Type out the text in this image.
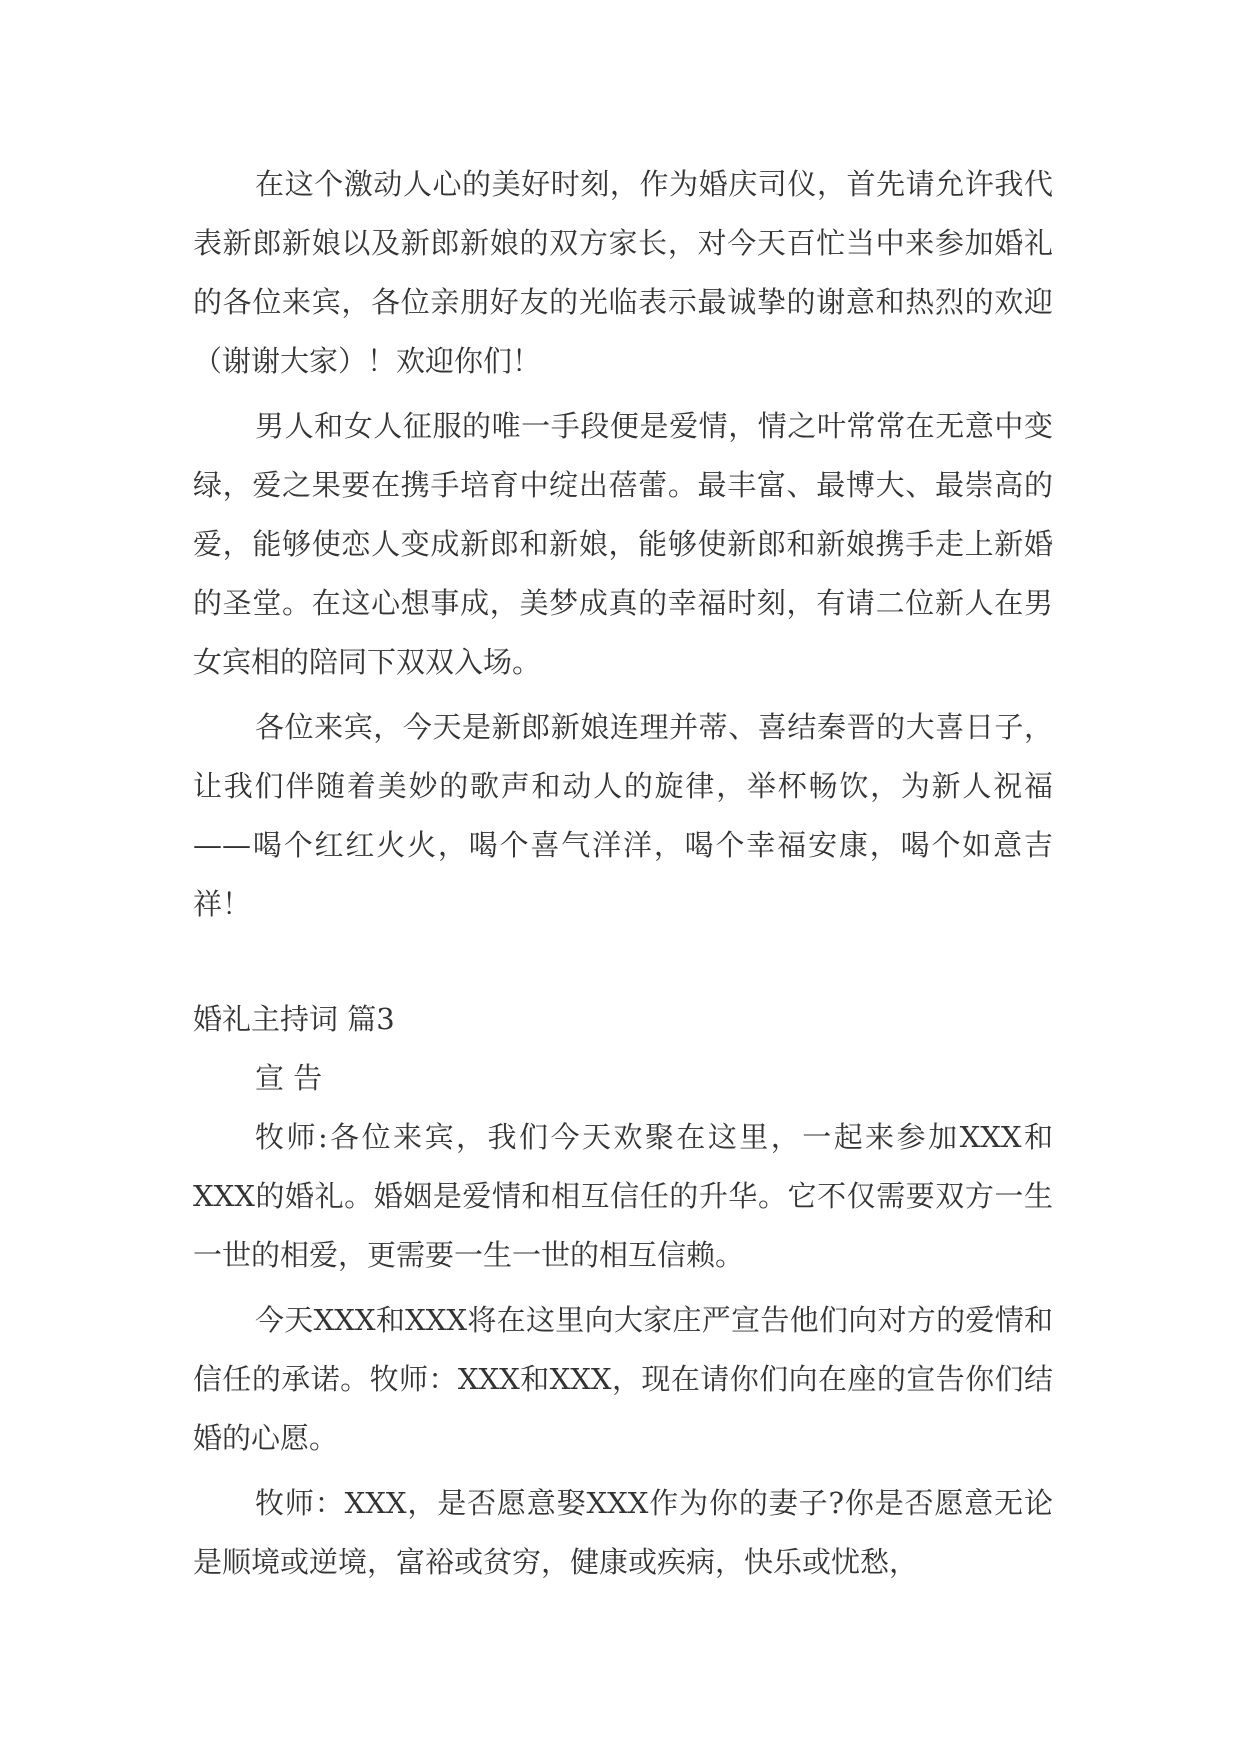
在这个激动人心的美好时刻，作为婚庆司仪，首先请允许我代表新郎新娘以及新郎新娘的双方家长，对今天百忙当中来参加婚礼的各位来宾，各位亲朋好友的光临表示最诚挚的谢意和热烈的欢迎（谢谢大家）！欢迎你们！

男人和女人征服的唯一手段便是爱情，情之叶常常在无意中变绿，爱之果要在携手培育中绽出蓓蕾。最丰富、最博大、最崇高的爱，能够使恋人变成新郎和新娘，能够使新郎和新娘携手走上新婚的圣堂。在这心想事成，美梦成真的幸福时刻，有请二位新人在男女宾相的陪同下双双入场。

各位来宾，今天是新郎新娘连理并蒂、喜结秦晋的大喜日子，让我们伴随着美妙的歌声和动人的旋律，举杯畅饮，为新人祝福——喝个红红火火，喝个喜气洋洋，喝个幸福安康，喝个如意吉祥！

婚礼主持词 篇3

宣 告

牧师:各位来宾，我们今天欢聚在这里，一起来参加XXX和XXX的婚礼。婚姻是爱情和相互信任的升华。它不仅需要双方一生一世的相爱，更需要一生一世的相互信赖。

今天XXX和XXX将在这里向大家庄严宣告他们向对方的爱情和信任的承诺。牧师：XXX和XXX，现在请你们向在座的宣告你们结婚的心愿。

牧师：XXX，是否愿意娶XXX作为你的妻子?你是否愿意无论是顺境或逆境，富裕或贫穷，健康或疾病，快乐或忧愁，
